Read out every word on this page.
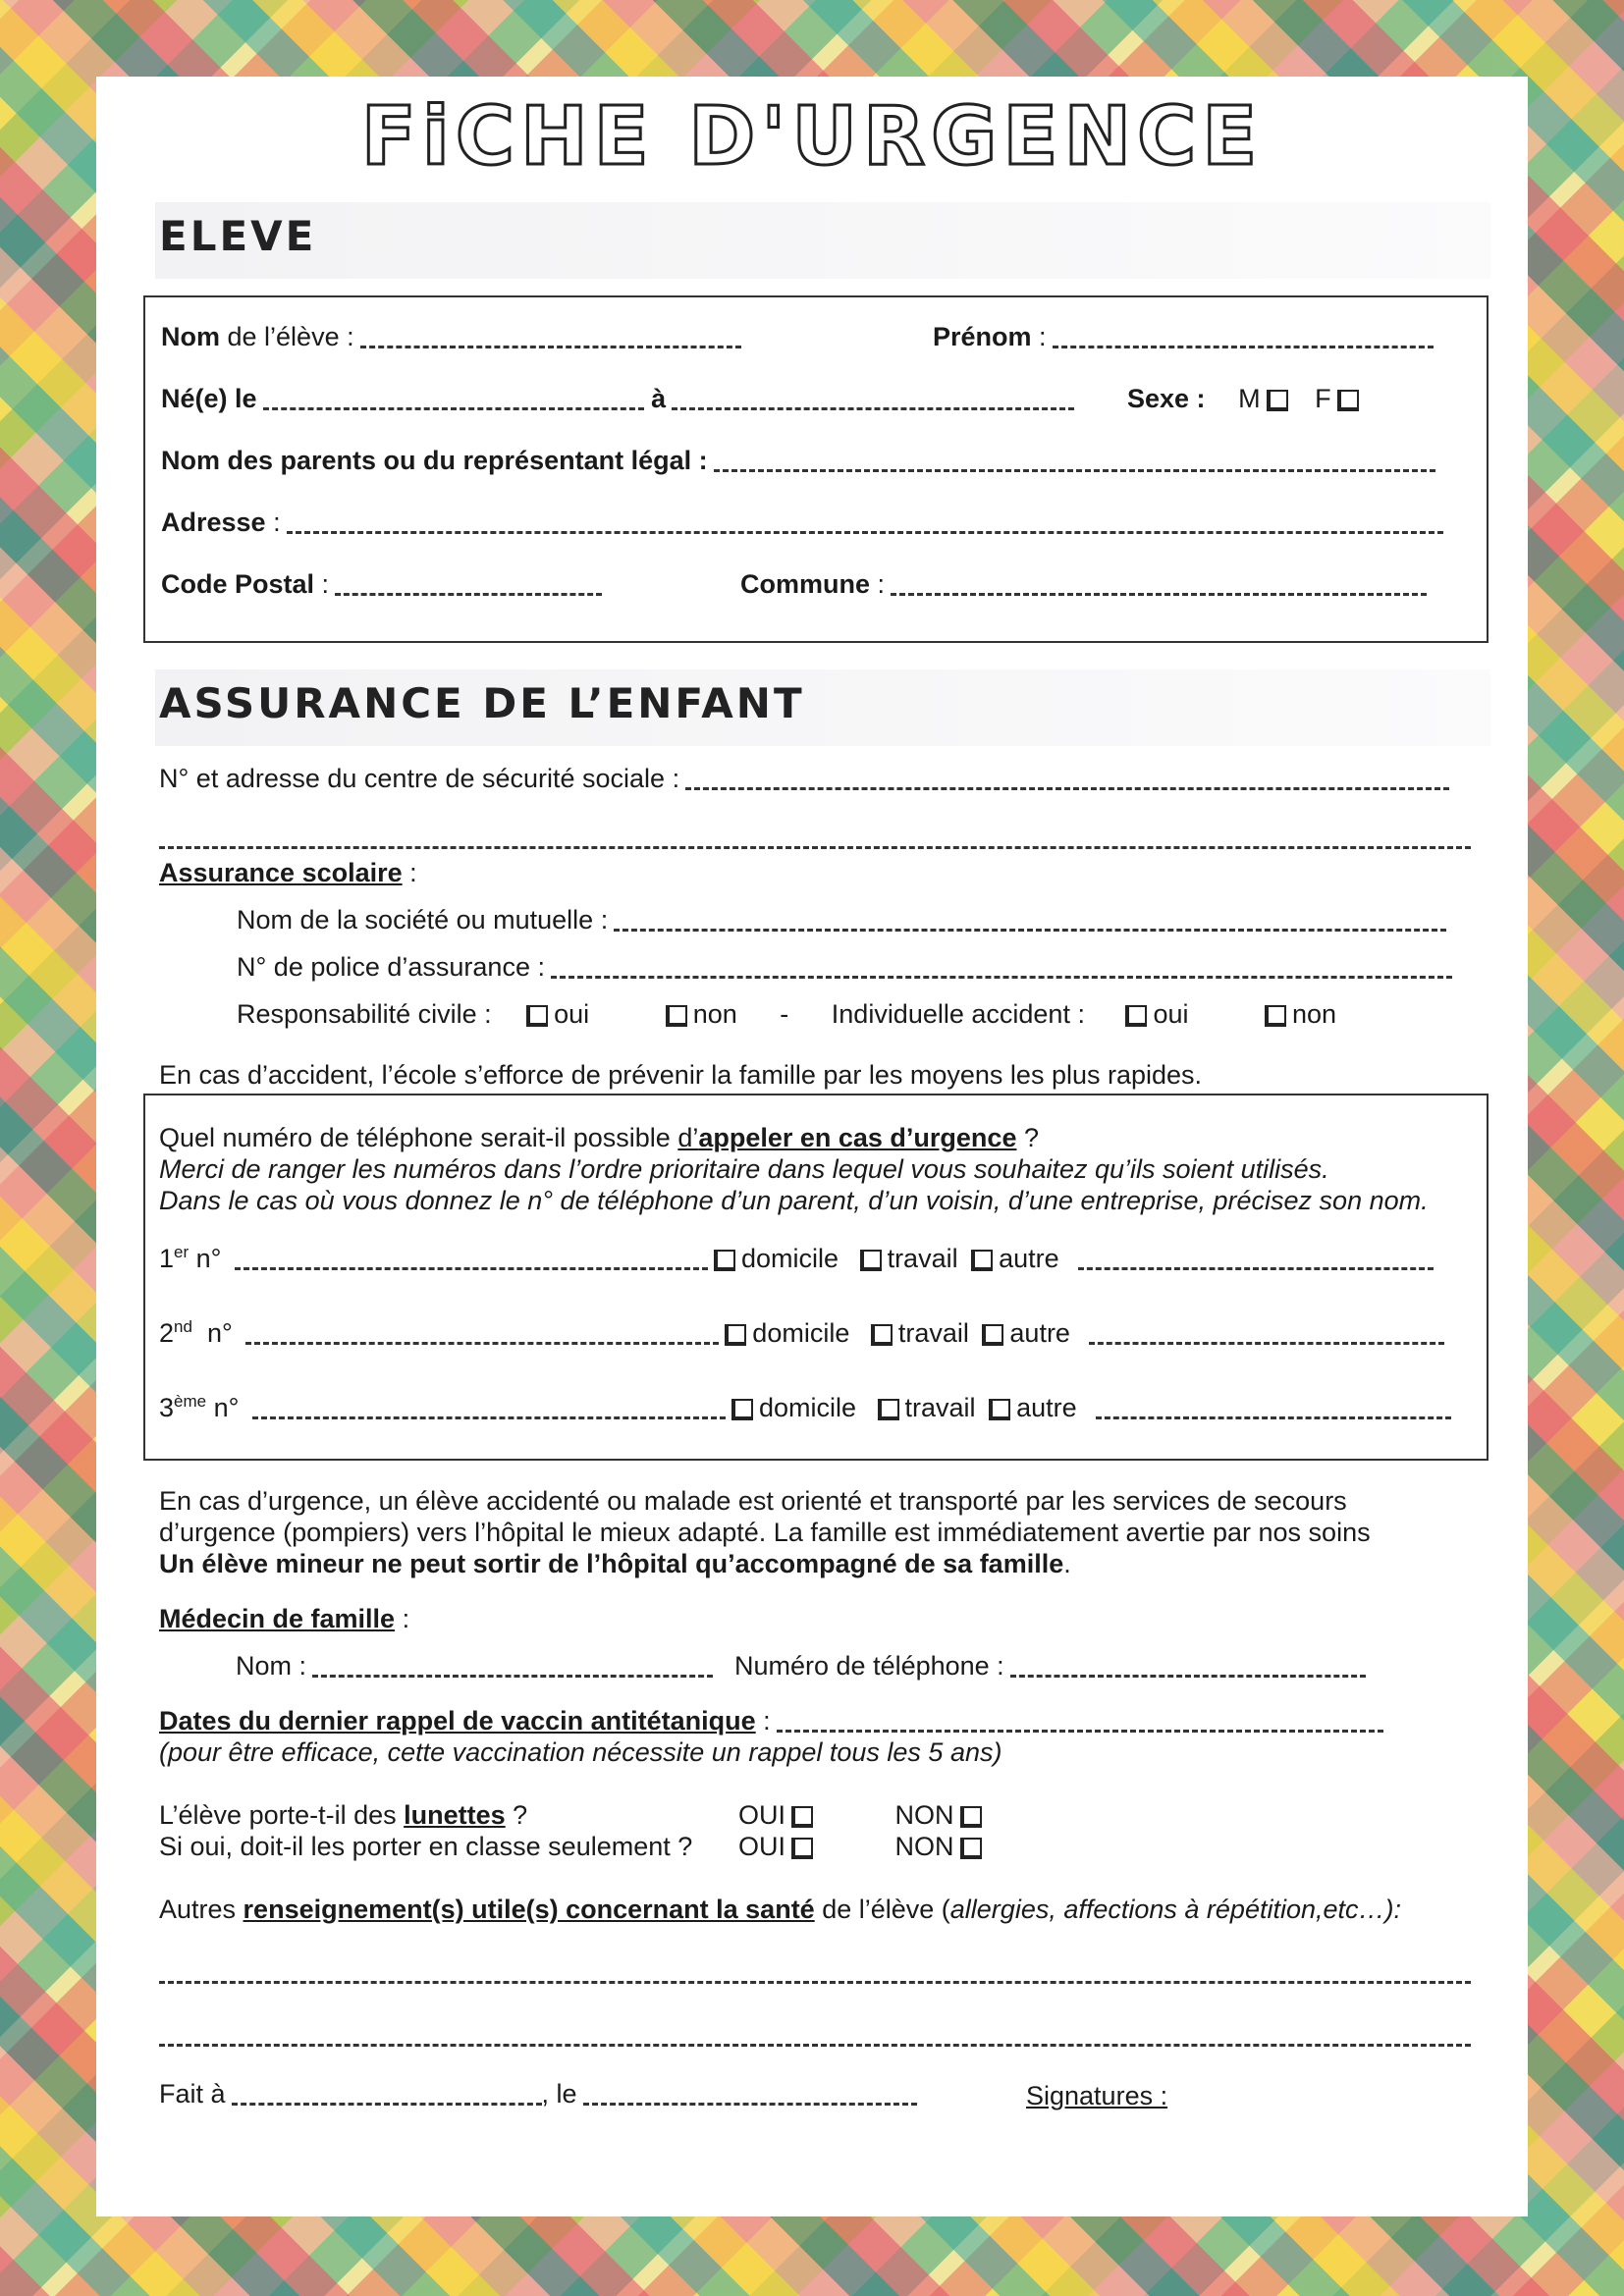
FiCHE D'URGENCE
ELEVE
Nom de l’élève :	Prénom :
Né(e) le	à	Sexe : M F
Nom des parents ou du représentant légal :
Adresse :
Code Postal :	Commune :
ASSURANCE DE L’ENFANT
N° et adresse du centre de sécurité sociale :
Assurance scolaire :
Nom de la société ou mutuelle :
N° de police d’assurance :
Responsabilité civile : oui	non - Individuelle accident :	oui	non
En cas d’accident, l’école s’efforce de prévenir la famille par les moyens les plus rapides.
Quel numéro de téléphone serait-il possible d’appeler en cas d’urgence ?
Merci de ranger les numéros dans l’ordre prioritaire dans lequel vous souhaitez qu’ils soient utilisés.
Dans le cas où vous donnez le n° de téléphone d’un parent, d’un voisin, d’une entreprise, précisez son nom.
1er n°	domicile travail autre
2nd  n°	domicile travail autre
3ème n°	domicile travail autre
En cas d’urgence, un élève accidenté ou malade est orienté et transporté par les services de secours
d’urgence (pompiers) vers l’hôpital le mieux adapté. La famille est immédiatement avertie par nos soins
Un élève mineur ne peut sortir de l’hôpital qu’accompagné de sa famille.
Médecin de famille :
Nom :	Numéro de téléphone :
Dates du dernier rappel de vaccin antitétanique :
(pour être efficace, cette vaccination nécessite un rappel tous les 5 ans)
L’élève porte-t-il des lunettes ?	OUI	NON
Si oui, doit-il les porter en classe seulement ? OUI	NON
Autres renseignement(s) utile(s) concernant la santé de l’élève (allergies, affections à répétition,etc…):
Fait à	, le	Signatures :
